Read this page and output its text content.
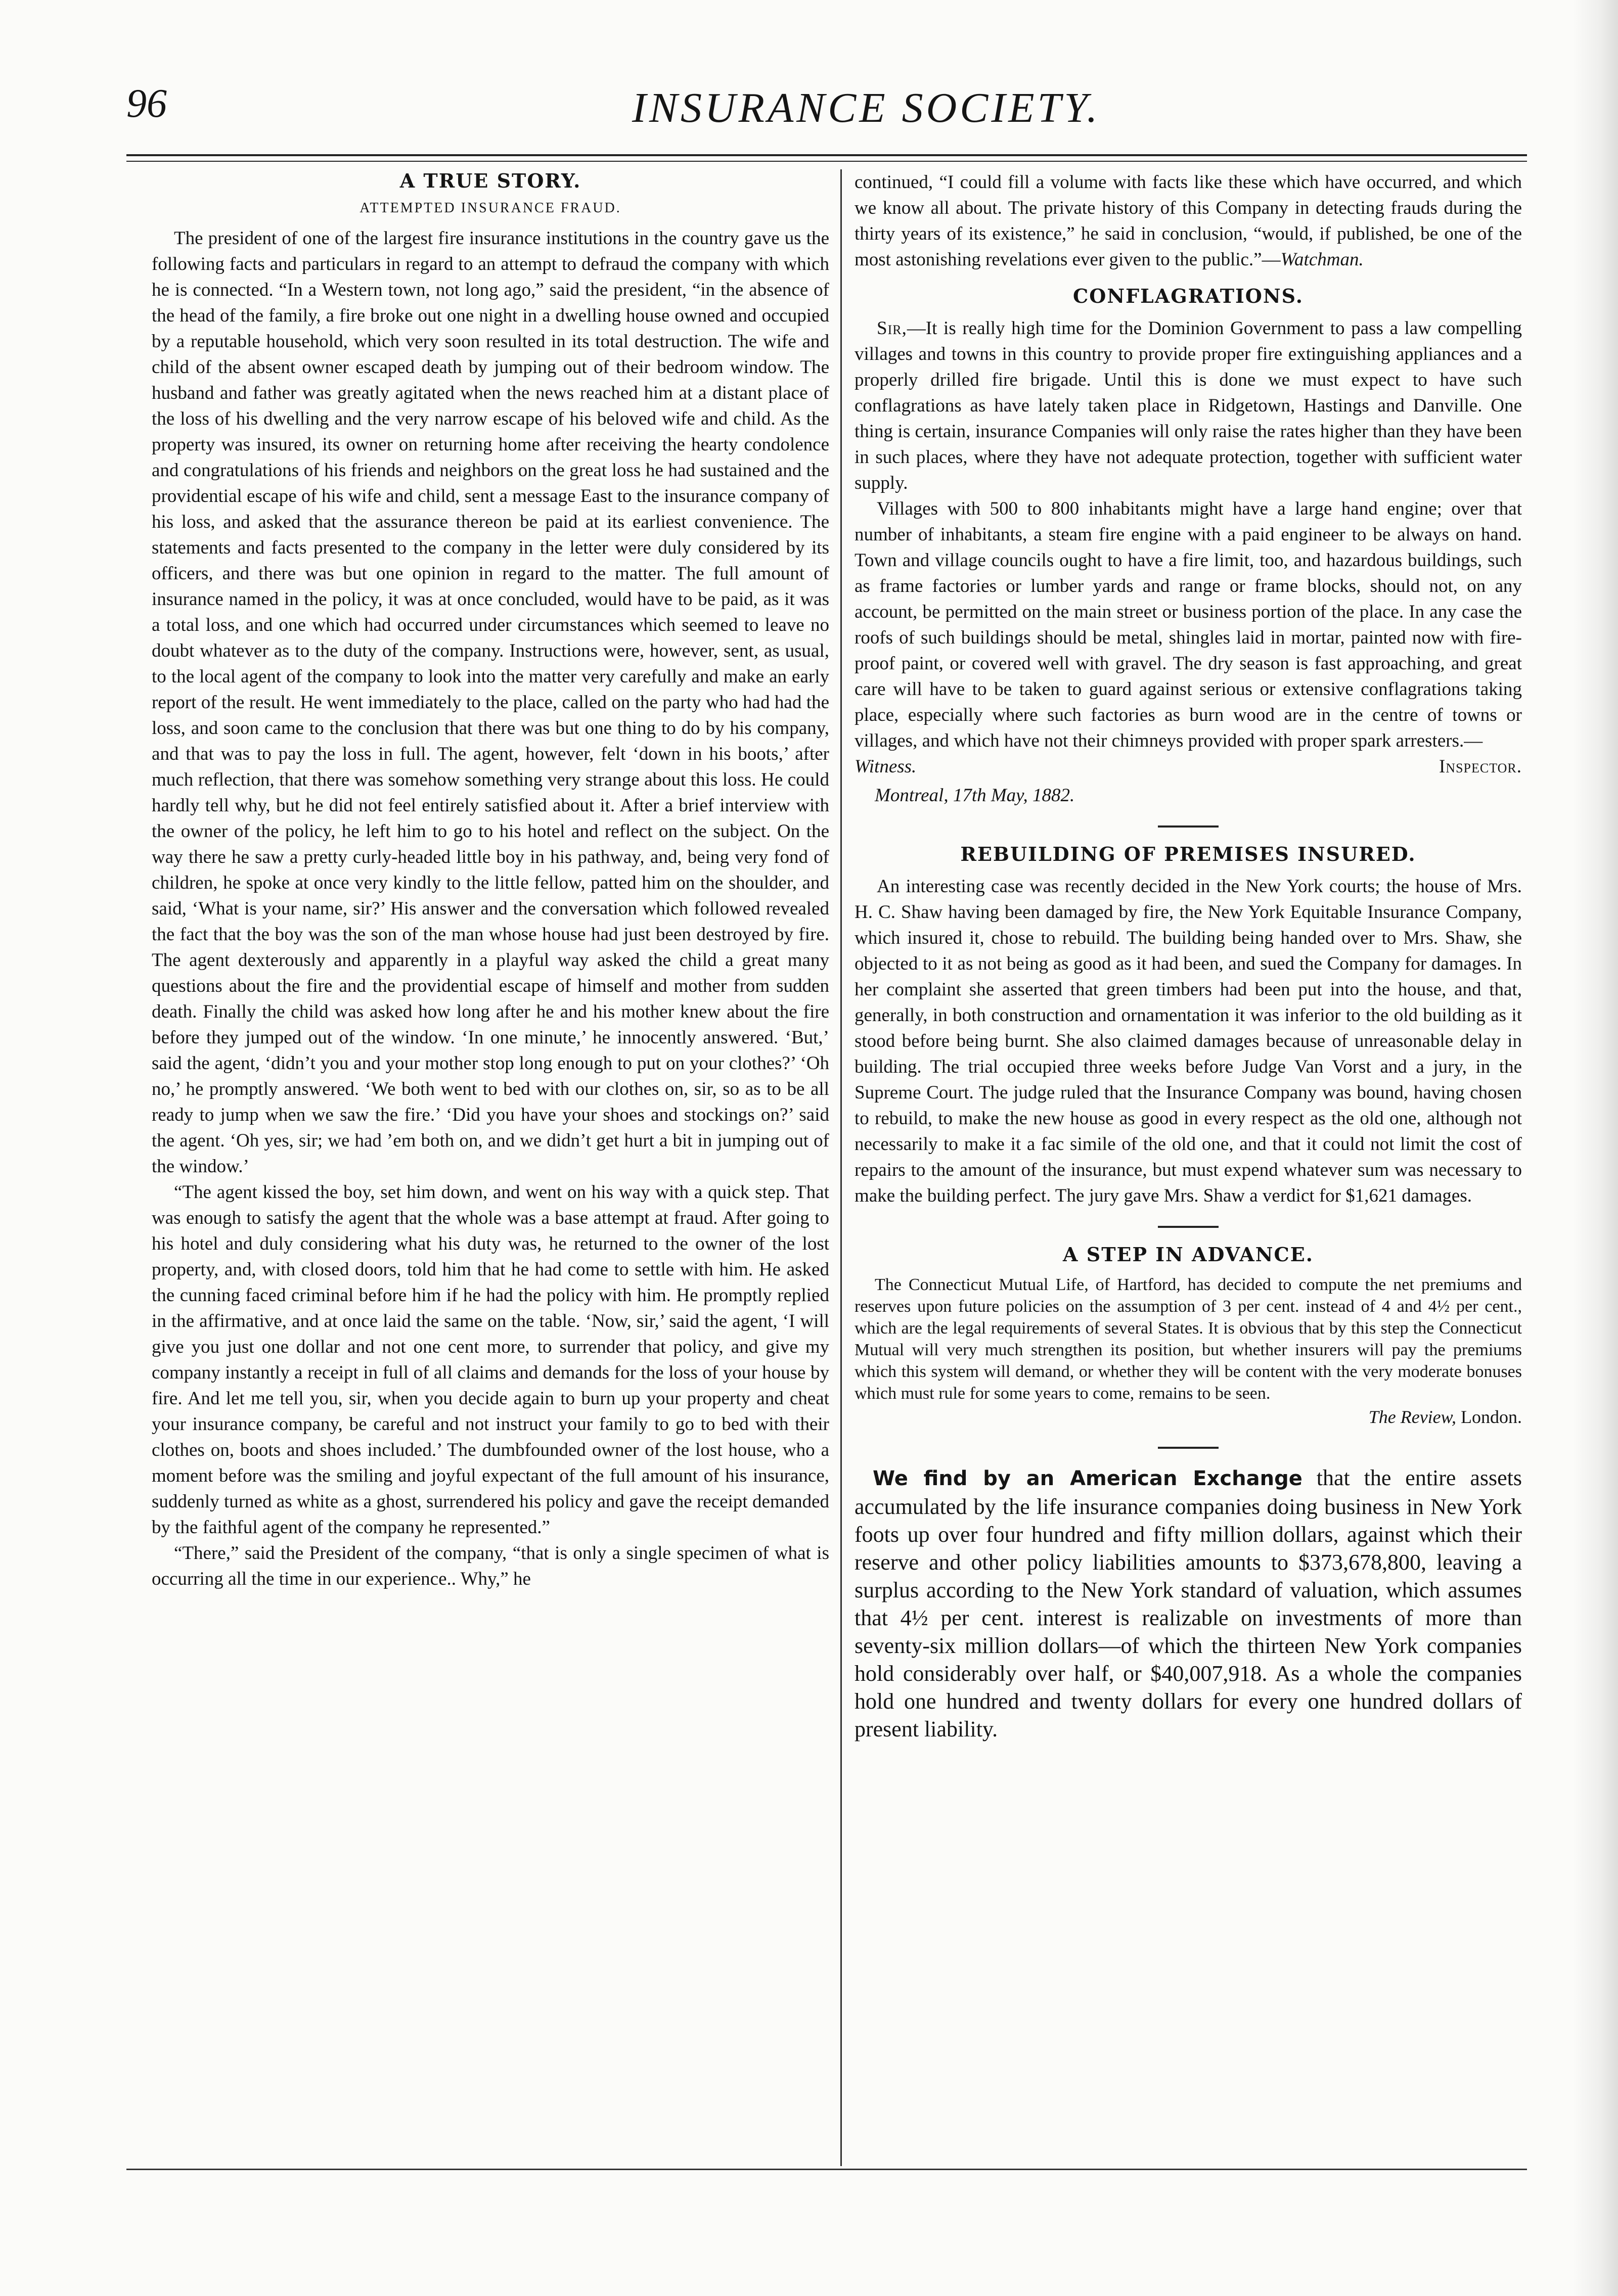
96	INSURANCE SOCIETY.
A TRUE STORY.
ATTEMPTED INSURANCE FRAUD.

The president of one of the largest fire insurance institutions in the country gave us the following facts and particulars in regard to an attempt to defraud the company with which he is connected. “In a Western town, not long ago,” said the president, “in the absence of the head of the family, a fire broke out one night in a dwelling house owned and occupied by a reputable household, which very soon resulted in its total destruction. The wife and child of the absent owner escaped death by jumping out of their bedroom window. The husband and father was greatly agitated when the news reached him at a distant place of the loss of his dwelling and the very narrow escape of his beloved wife and child. As the property was insured, its owner on returning home after receiving the hearty condolence and congratulations of his friends and neighbors on the great loss he had sustained and the providential escape of his wife and child, sent a message East to the insurance company of his loss, and asked that the assurance thereon be paid at its earliest convenience. The statements and facts presented to the company in the letter were duly considered by its officers, and there was but one opinion in regard to the matter. The full amount of insurance named in the policy, it was at once concluded, would have to be paid, as it was a total loss, and one which had occurred under circumstances which seemed to leave no doubt whatever as to the duty of the company. Instructions were, however, sent, as usual, to the local agent of the company to look into the matter very carefully and make an early report of the result. He went immediately to the place, called on the party who had had the loss, and soon came to the conclusion that there was but one thing to do by his company, and that was to pay the loss in full. The agent, however, felt ‘down in his boots,’ after much reflection, that there was somehow something very strange about this loss. He could hardly tell why, but he did not feel entirely satisfied about it. After a brief interview with the owner of the policy, he left him to go to his hotel and reflect on the subject. On the way there he saw a pretty curly-headed little boy in his pathway, and, being very fond of children, he spoke at once very kindly to the little fellow, patted him on the shoulder, and said, ‘What is your name, sir?’ His answer and the conversation which followed revealed the fact that the boy was the son of the man whose house had just been destroyed by fire. The agent dexterously and apparently in a playful way asked the child a great many questions about the fire and the providential escape of himself and mother from sudden death. Finally the child was asked how long after he and his mother knew about the fire before they jumped out of the window. ‘In one minute,’ he innocently answered. ‘But,’ said the agent, ‘didn’t you and your mother stop long enough to put on your clothes?’ ‘Oh no,’ he promptly answered. ‘We both went to bed with our clothes on, sir, so as to be all ready to jump when we saw the fire.’ ‘Did you have your shoes and stockings on?’ said the agent. ‘Oh yes, sir; we had ’em both on, and we didn’t get hurt a bit in jumping out of the window.’

“The agent kissed the boy, set him down, and went on his way with a quick step. That was enough to satisfy the agent that the whole was a base attempt at fraud. After going to his hotel and duly considering what his duty was, he returned to the owner of the lost property, and, with closed doors, told him that he had come to settle with him. He asked the cunning faced criminal before him if he had the policy with him. He promptly replied in the affirmative, and at once laid the same on the table. ‘Now, sir,’ said the agent, ‘I will give you just one dollar and not one cent more, to surrender that policy, and give my company instantly a receipt in full of all claims and demands for the loss of your house by fire. And let me tell you, sir, when you decide again to burn up your property and cheat your insurance company, be careful and not instruct your family to go to bed with their clothes on, boots and shoes included.’ The dumbfounded owner of the lost house, who a moment before was the smiling and joyful expectant of the full amount of his insurance, suddenly turned as white as a ghost, surrendered his policy and gave the receipt demanded by the faithful agent of the company he represented.”

“There,” said the President of the company, “that is only a single specimen of what is occurring all the time in our experience.. Why,” he

continued, “I could fill a volume with facts like these which have occurred, and which we know all about. The private history of this Company in detecting frauds during the thirty years of its existence,” he said in conclusion, “would, if published, be one of the most astonishing revelations ever given to the public.”—Watchman.

CONFLAGRATIONS.

Sir,—It is really high time for the Dominion Government to pass a law compelling villages and towns in this country to provide proper fire extinguishing appliances and a properly drilled fire brigade. Until this is done we must expect to have such conflagrations as have lately taken place in Ridgetown, Hastings and Danville. One thing is certain, insurance Companies will only raise the rates higher than they have been in such places, where they have not adequate protection, together with sufficient water supply.

Villages with 500 to 800 inhabitants might have a large hand engine; over that number of inhabitants, a steam fire engine with a paid engineer to be always on hand. Town and village councils ought to have a fire limit, too, and hazardous buildings, such as frame factories or lumber yards and range or frame blocks, should not, on any account, be permitted on the main street or business portion of the place. In any case the roofs of such buildings should be metal, shingles laid in mortar, painted now with fire-proof paint, or covered well with gravel. The dry season is fast approaching, and great care will have to be taken to guard against serious or extensive conflagrations taking place, especially where such factories as burn wood are in the centre of towns or villages, and which have not their chimneys provided with proper spark arresters.—

Witness.	Inspector.
Montreal, 17th May, 1882.
REBUILDING OF PREMISES INSURED.

An interesting case was recently decided in the New York courts; the house of Mrs. H. C. Shaw having been damaged by fire, the New York Equitable Insurance Company, which insured it, chose to rebuild. The building being handed over to Mrs. Shaw, she objected to it as not being as good as it had been, and sued the Company for damages. In her complaint she asserted that green timbers had been put into the house, and that, generally, in both construction and ornamentation it was inferior to the old building as it stood before being burnt. She also claimed damages because of unreasonable delay in building. The trial occupied three weeks before Judge Van Vorst and a jury, in the Supreme Court. The judge ruled that the Insurance Company was bound, having chosen to rebuild, to make the new house as good in every respect as the old one, although not necessarily to make it a fac simile of the old one, and that it could not limit the cost of repairs to the amount of the insurance, but must expend whatever sum was necessary to make the building perfect. The jury gave Mrs. Shaw a verdict for $1,621 damages.

A STEP IN ADVANCE.

The Connecticut Mutual Life, of Hartford, has decided to compute the net premiums and reserves upon future policies on the assumption of 3 per cent. instead of 4 and 4½ per cent., which are the legal requirements of several States. It is obvious that by this step the Connecticut Mutual will very much strengthen its position, but whether insurers will pay the premiums which this system will demand, or whether they will be content with the very moderate bonuses which must rule for some years to come, remains to be seen.

The Review, London.

We find by an American Exchange that the entire assets accumulated by the life insurance companies doing business in New York foots up over four hundred and fifty million dollars, against which their reserve and other policy liabilities amounts to $373,678,800, leaving a surplus according to the New York standard of valuation, which assumes that 4½ per cent. interest is realizable on investments of more than seventy-six million dollars—of which the thirteen New York companies hold considerably over half, or $40,007,918. As a whole the companies hold one hundred and twenty dollars for every one hundred dollars of present liability.
